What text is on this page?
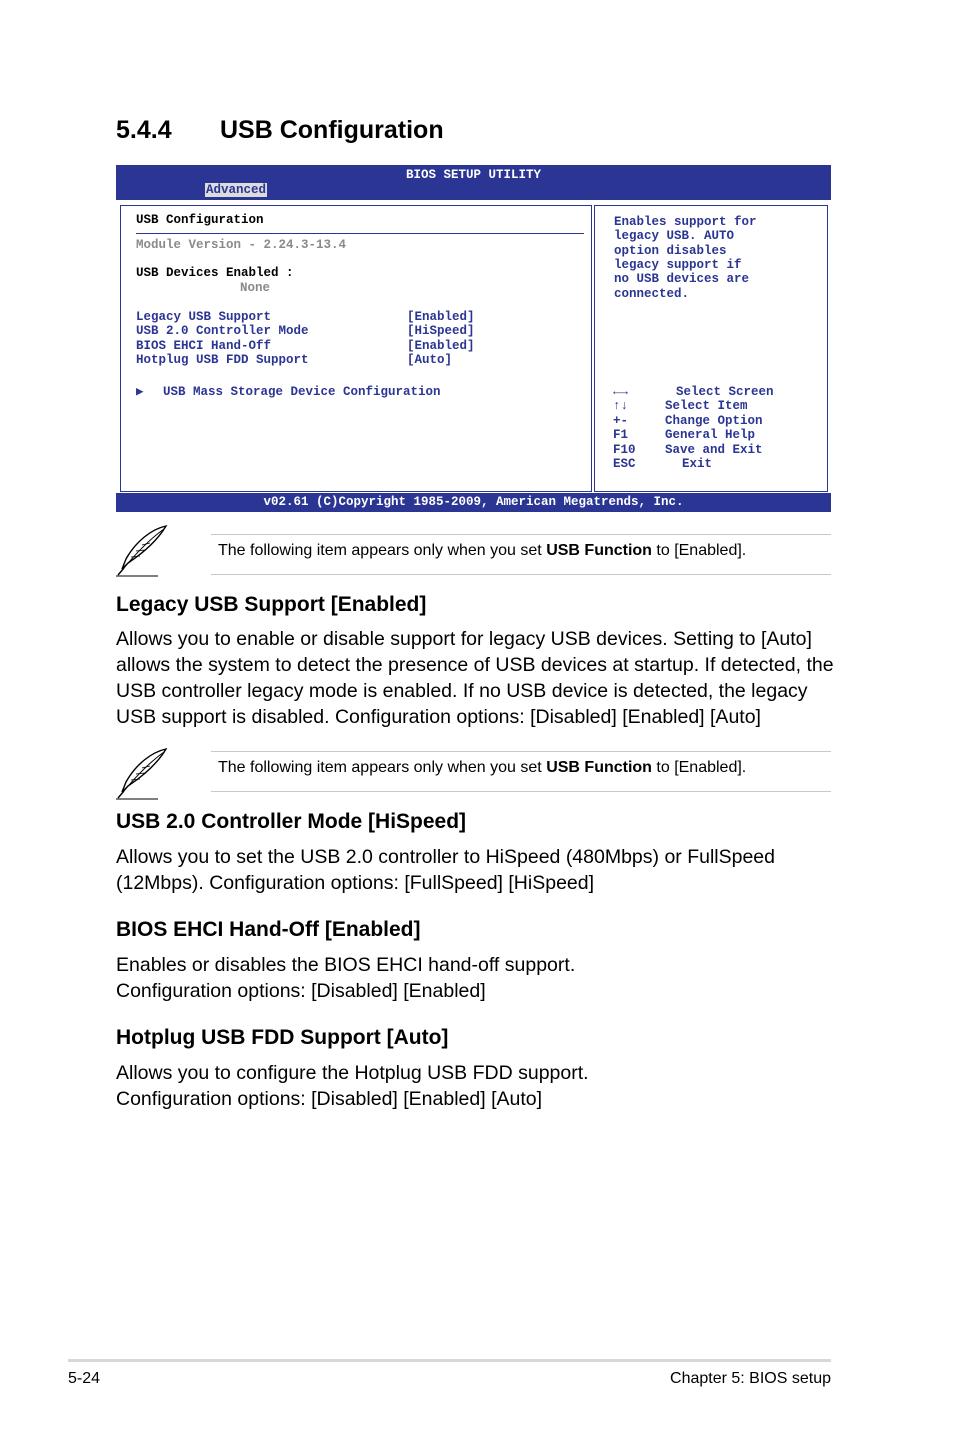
5.4.4 USB Configuration
BIOS SETUP UTILITY
Advanced
USB Configuration
Module Version - 2.24.3-13.4
USB Devices Enabled :
None
Legacy USB Support	[Enabled]
USB 2.0 Controller Mode	[HiSpeed]
BIOS EHCI Hand-Off	[Enabled]
Hotplug USB FDD Support	[Auto]
▶ USB Mass Storage Device Configuration
Enables support for
legacy USB. AUTO
option disables
legacy support if
no USB devices are
connected.
←→	Select Screen
↑↓	Select Item
+-	Change Option
F1	General Help
F10 Save and Exit
ESC	Exit
v02.61 (C)Copyright 1985-2009, American Megatrends, Inc.
The following item appears only when you set USB Function to [Enabled].
Legacy USB Support [Enabled]
Allows you to enable or disable support for legacy USB devices. Setting to [Auto]
allows the system to detect the presence of USB devices at startup. If detected, the
USB controller legacy mode is enabled. If no USB device is detected, the legacy
USB support is disabled. Configuration options: [Disabled] [Enabled] [Auto]
The following item appears only when you set USB Function to [Enabled].
USB 2.0 Controller Mode [HiSpeed]
Allows you to set the USB 2.0 controller to HiSpeed (480Mbps) or FullSpeed
(12Mbps). Configuration options: [FullSpeed] [HiSpeed]
BIOS EHCI Hand-Off [Enabled]
Enables or disables the BIOS EHCI hand-off support.
Configuration options: [Disabled] [Enabled]
Hotplug USB FDD Support [Auto]
Allows you to configure the Hotplug USB FDD support.
Configuration options: [Disabled] [Enabled] [Auto]
5-24	Chapter 5: BIOS setup
